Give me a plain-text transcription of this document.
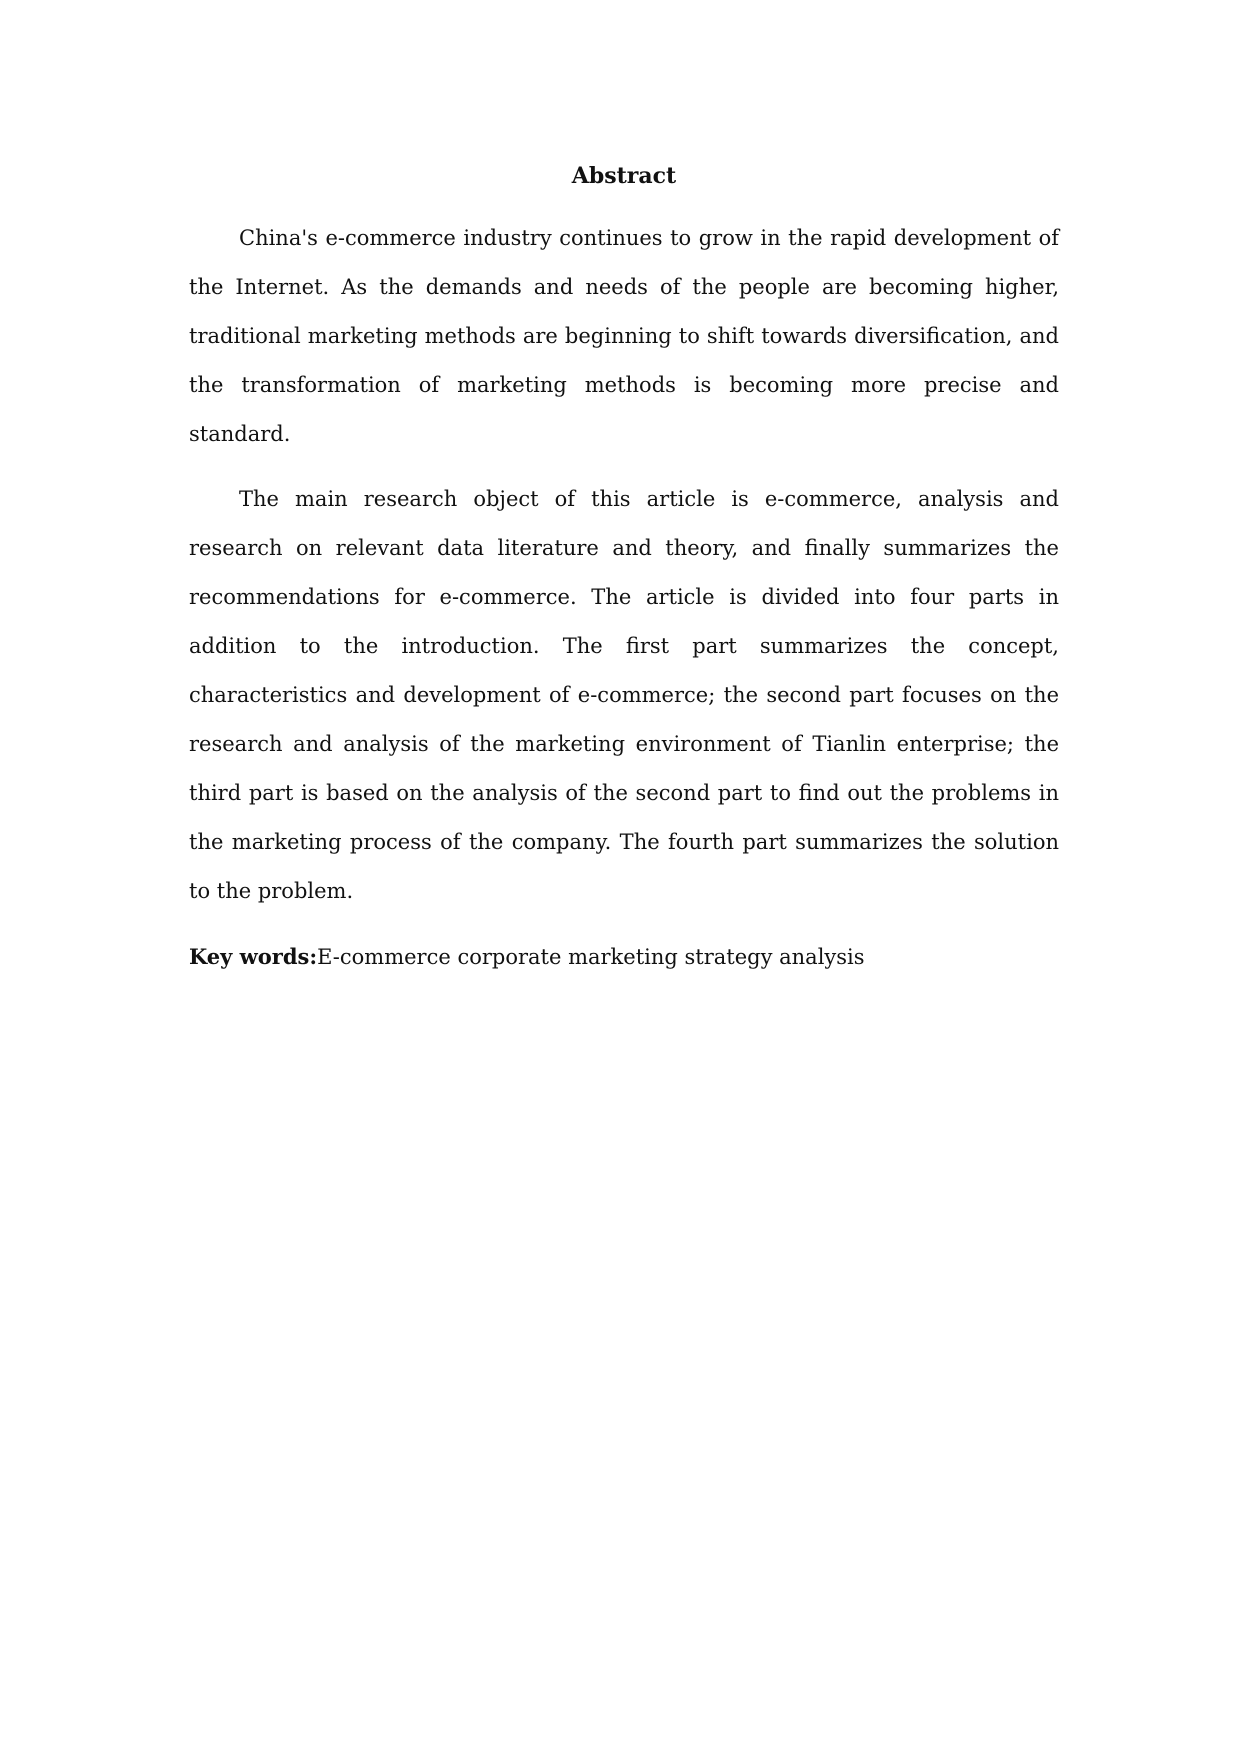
Abstract

China's e-commerce industry continues to grow in the rapid development of the Internet. As the demands and needs of the people are becoming higher, traditional marketing methods are beginning to shift towards diversification, and the transformation of marketing methods is becoming more precise and standard.

The main research object of this article is e-commerce, analysis and research on relevant data literature and theory, and finally summarizes the recommendations for e-commerce. The article is divided into four parts in addition to the introduction. The first part summarizes the concept, characteristics and development of e-commerce; the second part focuses on the research and analysis of the marketing environment of Tianlin enterprise; the third part is based on the analysis of the second part to find out the problems in the marketing process of the company. The fourth part summarizes the solution to the problem.

Key words:E-commerce corporate marketing strategy analysis
